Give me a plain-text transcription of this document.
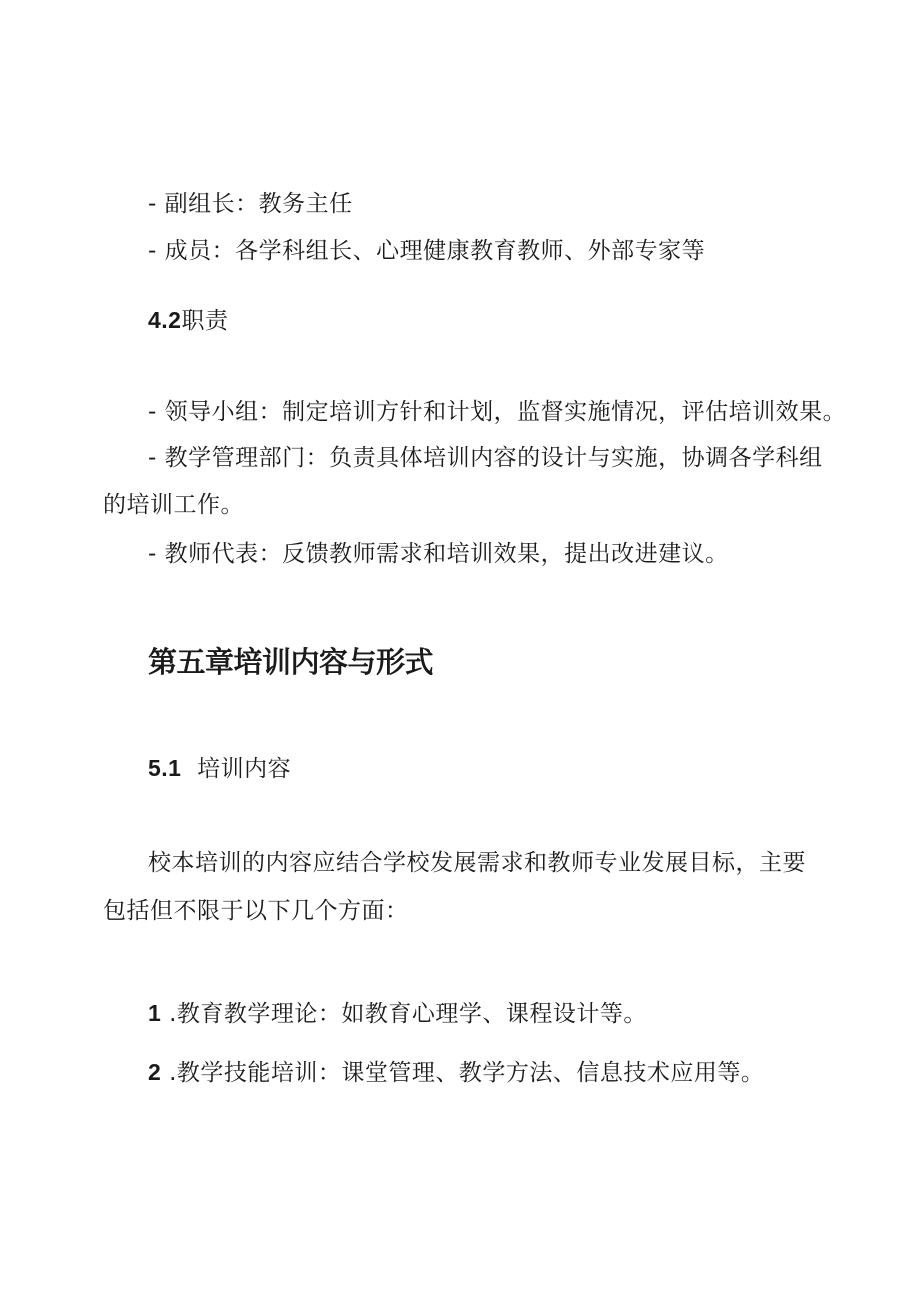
- 副组长：教务主任
- 成员：各学科组长、心理健康教育教师、外部专家等
4.2职责
- 领导小组：制定培训方针和计划，监督实施情况，评估培训效果。
- 教学管理部门：负责具体培训内容的设计与实施，协调各学科组
的培训工作。
- 教师代表：反馈教师需求和培训效果，提出改进建议。
第五章培训内容与形式
5.1 培训内容
校本培训的内容应结合学校发展需求和教师专业发展目标，主要
包括但不限于以下几个方面：
1 .教育教学理论：如教育心理学、课程设计等。
2 .教学技能培训：课堂管理、教学方法、信息技术应用等。
